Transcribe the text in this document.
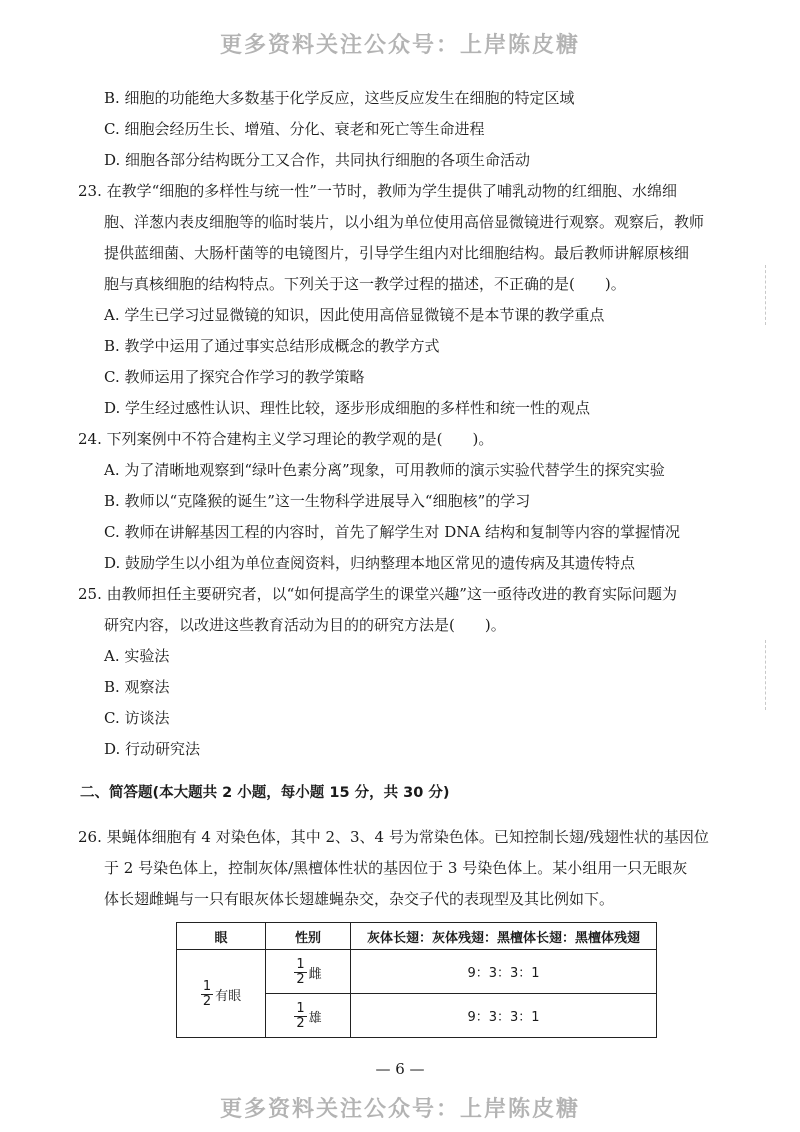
更多资料关注公众号：上岸陈皮糖
B. 细胞的功能绝大多数基于化学反应，这些反应发生在细胞的特定区域
C. 细胞会经历生长、增殖、分化、衰老和死亡等生命进程
D. 细胞各部分结构既分工又合作，共同执行细胞的各项生命活动
23. 在教学“细胞的多样性与统一性”一节时，教师为学生提供了哺乳动物的红细胞、水绵细
胞、洋葱内表皮细胞等的临时装片，以小组为单位使用高倍显微镜进行观察。观察后，教师
提供蓝细菌、大肠杆菌等的电镜图片，引导学生组内对比细胞结构。最后教师讲解原核细
胞与真核细胞的结构特点。下列关于这一教学过程的描述，不正确的是(　　)。
A. 学生已学习过显微镜的知识，因此使用高倍显微镜不是本节课的教学重点
B. 教学中运用了通过事实总结形成概念的教学方式
C. 教师运用了探究合作学习的教学策略
D. 学生经过感性认识、理性比较，逐步形成细胞的多样性和统一性的观点
24. 下列案例中不符合建构主义学习理论的教学观的是(　　)。
A. 为了清晰地观察到“绿叶色素分离”现象，可用教师的演示实验代替学生的探究实验
B. 教师以“克隆猴的诞生”这一生物科学进展导入“细胞核”的学习
C. 教师在讲解基因工程的内容时，首先了解学生对 DNA 结构和复制等内容的掌握情况
D. 鼓励学生以小组为单位查阅资料，归纳整理本地区常见的遗传病及其遗传特点
25. 由教师担任主要研究者，以“如何提高学生的课堂兴趣”这一亟待改进的教育实际问题为
研究内容，以改进这些教育活动为目的的研究方法是(　　)。
A. 实验法
B. 观察法
C. 访谈法
D. 行动研究法
二、简答题(本大题共 2 小题，每小题 15 分，共 30 分)
26. 果蝇体细胞有 4 对染色体，其中 2、3、4 号为常染色体。已知控制长翅/残翅性状的基因位
于 2 号染色体上，控制灰体/黑檀体性状的基因位于 3 号染色体上。某小组用一只无眼灰
体长翅雌蝇与一只有眼灰体长翅雄蝇杂交，杂交子代的表现型及其比例如下。
眼	性别	灰体长翅：灰体残翅：黑檀体长翅：黑檀体残翅

$\frac{1}{2}$ 有眼	$\frac{1}{2}$ 雌	9：3：3：1

	$\frac{1}{2}$ 雄	9：3：3：1
— 6 —
更多资料关注公众号：上岸陈皮糖
